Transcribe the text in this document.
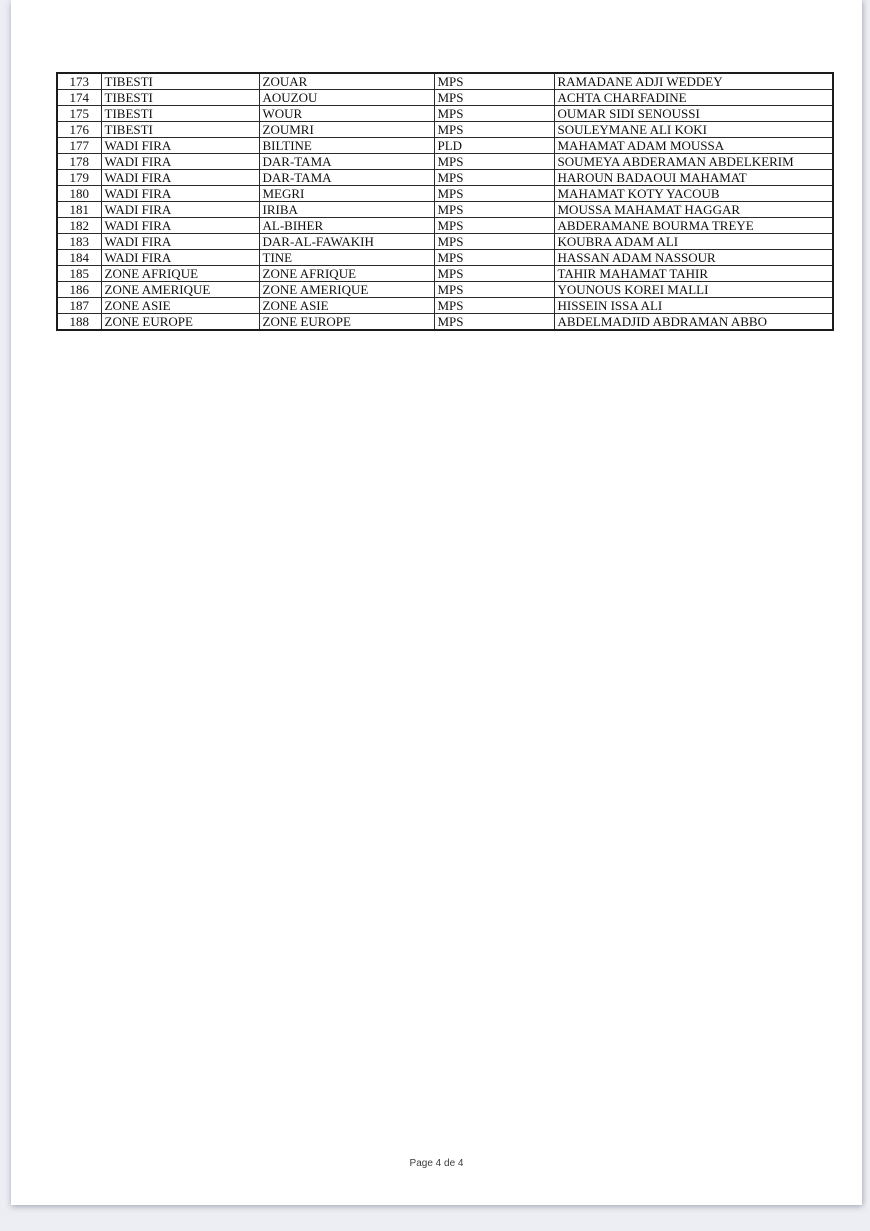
173	TIBESTI	ZOUAR	MPS	RAMADANE ADJI WEDDEY
174	TIBESTI	AOUZOU	MPS	ACHTA CHARFADINE
175	TIBESTI	WOUR	MPS	OUMAR SIDI SENOUSSI
176	TIBESTI	ZOUMRI	MPS	SOULEYMANE ALI KOKI
177	WADI FIRA	BILTINE	PLD	MAHAMAT ADAM MOUSSA
178	WADI FIRA	DAR-TAMA	MPS	SOUMEYA ABDERAMAN ABDELKERIM
179	WADI FIRA	DAR-TAMA	MPS	HAROUN BADAOUI MAHAMAT
180	WADI FIRA	MEGRI	MPS	MAHAMAT KOTY YACOUB
181	WADI FIRA	IRIBA	MPS	MOUSSA MAHAMAT HAGGAR
182	WADI FIRA	AL-BIHER	MPS	ABDERAMANE BOURMA TREYE
183	WADI FIRA	DAR-AL-FAWAKIH	MPS	KOUBRA ADAM ALI
184	WADI FIRA	TINE	MPS	HASSAN ADAM NASSOUR
185	ZONE AFRIQUE	ZONE AFRIQUE	MPS	TAHIR MAHAMAT TAHIR
186	ZONE AMERIQUE	ZONE AMERIQUE	MPS	YOUNOUS KOREI MALLI
187	ZONE ASIE	ZONE ASIE	MPS	HISSEIN ISSA ALI
188	ZONE EUROPE	ZONE EUROPE	MPS	ABDELMADJID ABDRAMAN ABBO
Page 4 de 4
